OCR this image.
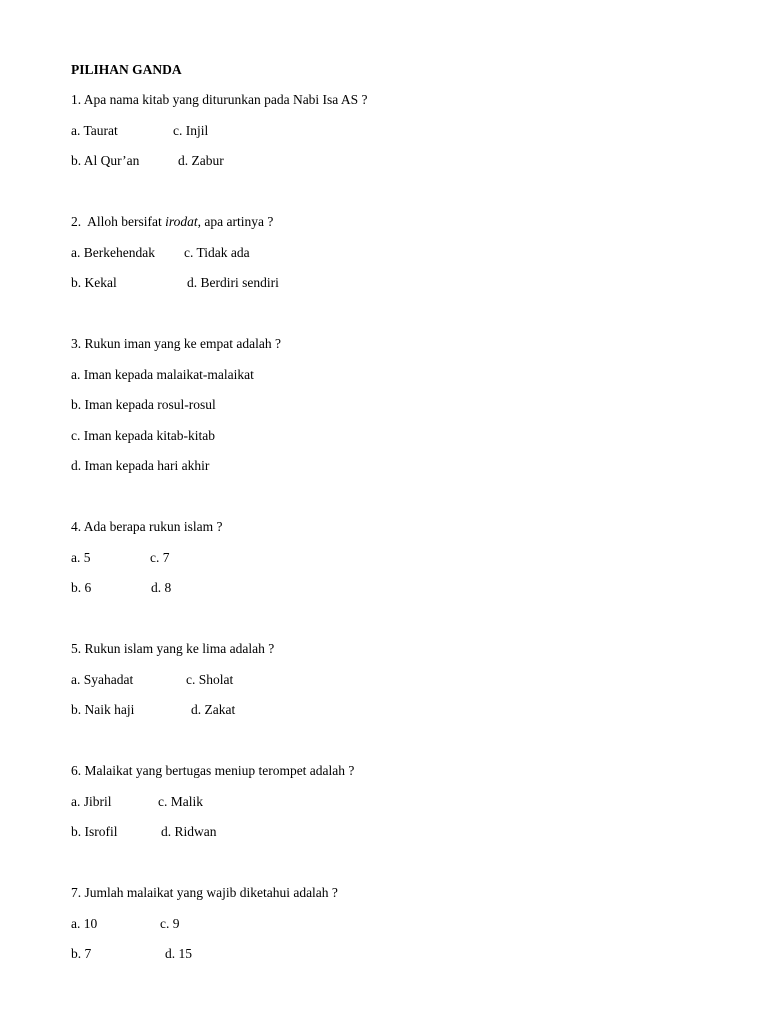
PILIHAN GANDA
1. Apa nama kitab yang diturunkan pada Nabi Isa AS ?
a. Taurat	c. Injil
b. Al Qur’an	d. Zabur
2.  Alloh bersifat irodat, apa artinya ?
a. Berkehendak c. Tidak ada
b. Kekal	d. Berdiri sendiri
3. Rukun iman yang ke empat adalah ?
a. Iman kepada malaikat-malaikat
b. Iman kepada rosul-rosul
c. Iman kepada kitab-kitab
d. Iman kepada hari akhir
4. Ada berapa rukun islam ?
a. 5	c. 7
b. 6	d. 8
5. Rukun islam yang ke lima adalah ?
a. Syahadat	c. Sholat
b. Naik haji	d. Zakat
6. Malaikat yang bertugas meniup terompet adalah ?
a. Jibril	c. Malik
b. Isrofil	d. Ridwan
7. Jumlah malaikat yang wajib diketahui adalah ?
a. 10	c. 9
b. 7	d. 15
